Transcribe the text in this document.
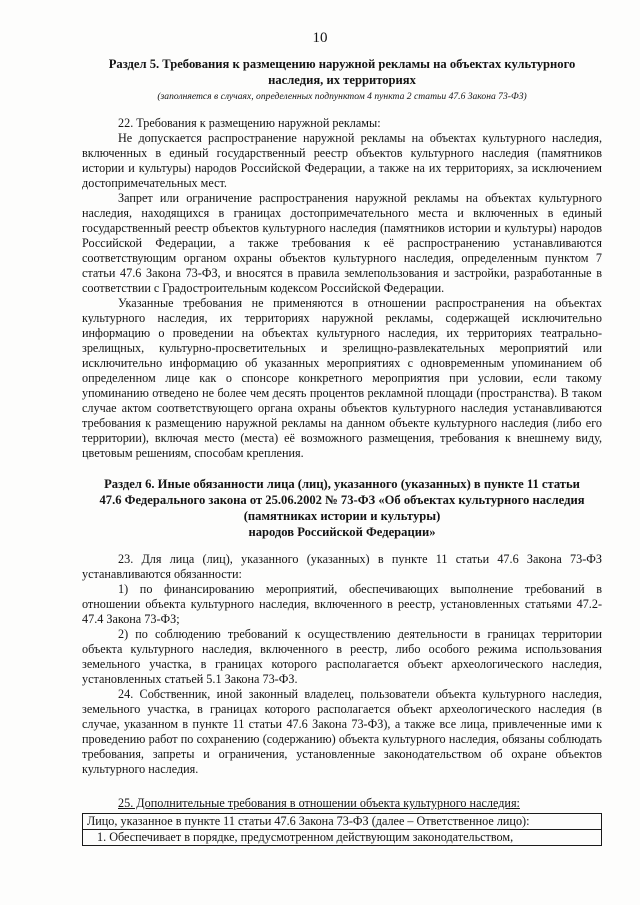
10
Раздел 5. Требования к размещению наружной рекламы на объектах культурного
наследия, их территориях
(заполняется в случаях, определенных подпунктом 4 пункта 2 статьи 47.6 Закона 73-ФЗ)

22. Требования к размещению наружной рекламы:

Не допускается распространение наружной рекламы на объектах культурного наследия, включенных в единый государственный реестр объектов культурного наследия (памятников истории и культуры) народов Российской Федерации, а также на их территориях, за исключением достопримечательных мест.

Запрет или ограничение распространения наружной рекламы на объектах культурного наследия, находящихся в границах достопримечательного места и включенных в единый государственный реестр объектов культурного наследия (памятников истории и культуры) народов Российской Федерации, а также требования к её распространению устанавливаются соответствующим органом охраны объектов культурного наследия, определенным пунктом 7 статьи 47.6 Закона 73-ФЗ, и вносятся в правила землепользования и застройки, разработанные в соответствии с Градостроительным кодексом Российской Федерации.

Указанные требования не применяются в отношении распространения на объектах культурного наследия, их территориях наружной рекламы, содержащей исключительно информацию о проведении на объектах культурного наследия, их территориях театрально-зрелищных, культурно-просветительных и зрелищно-развлекательных мероприятий или исключительно информацию об указанных мероприятиях с одновременным упоминанием об определенном лице как о спонсоре конкретного мероприятия при условии, если такому упоминанию отведено не более чем десять процентов рекламной площади (пространства). В таком случае актом соответствующего органа охраны объектов культурного наследия устанавливаются требования к размещению наружной рекламы на данном объекте культурного наследия (либо его территории), включая место (места) её возможного размещения, требования к внешнему виду, цветовым решениям, способам крепления.

Раздел 6. Иные обязанности лица (лиц), указанного (указанных) в пункте 11 статьи
47.6 Федерального закона от 25.06.2002 № 73-ФЗ «Об объектах культурного наследия
(памятниках истории и культуры)
народов Российской Федерации»

23. Для лица (лиц), указанного (указанных) в пункте 11 статьи 47.6 Закона 73-ФЗ устанавливаются обязанности:

1) по финансированию мероприятий, обеспечивающих выполнение требований в отношении объекта культурного наследия, включенного в реестр, установленных статьями 47.2-47.4 Закона 73-ФЗ;

2) по соблюдению требований к осуществлению деятельности в границах территории объекта культурного наследия, включенного в реестр, либо особого режима использования земельного участка, в границах которого располагается объект археологического наследия, установленных статьей 5.1 Закона 73-ФЗ.

24. Собственник, иной законный владелец, пользователи объекта культурного наследия, земельного участка, в границах которого располагается объект археологического наследия (в случае, указанном в пункте 11 статьи 47.6 Закона 73-ФЗ), а также все лица, привлеченные ими к проведению работ по сохранению (содержанию) объекта культурного наследия, обязаны соблюдать требования, запреты и ограничения, установленные законодательством об охране объектов культурного наследия.

25. Дополнительные требования в отношении объекта культурного наследия:

Лицо, указанное в пункте 11 статьи 47.6 Закона 73-ФЗ (далее – Ответственное лицо):
1. Обеспечивает в порядке, предусмотренном действующим законодательством,
